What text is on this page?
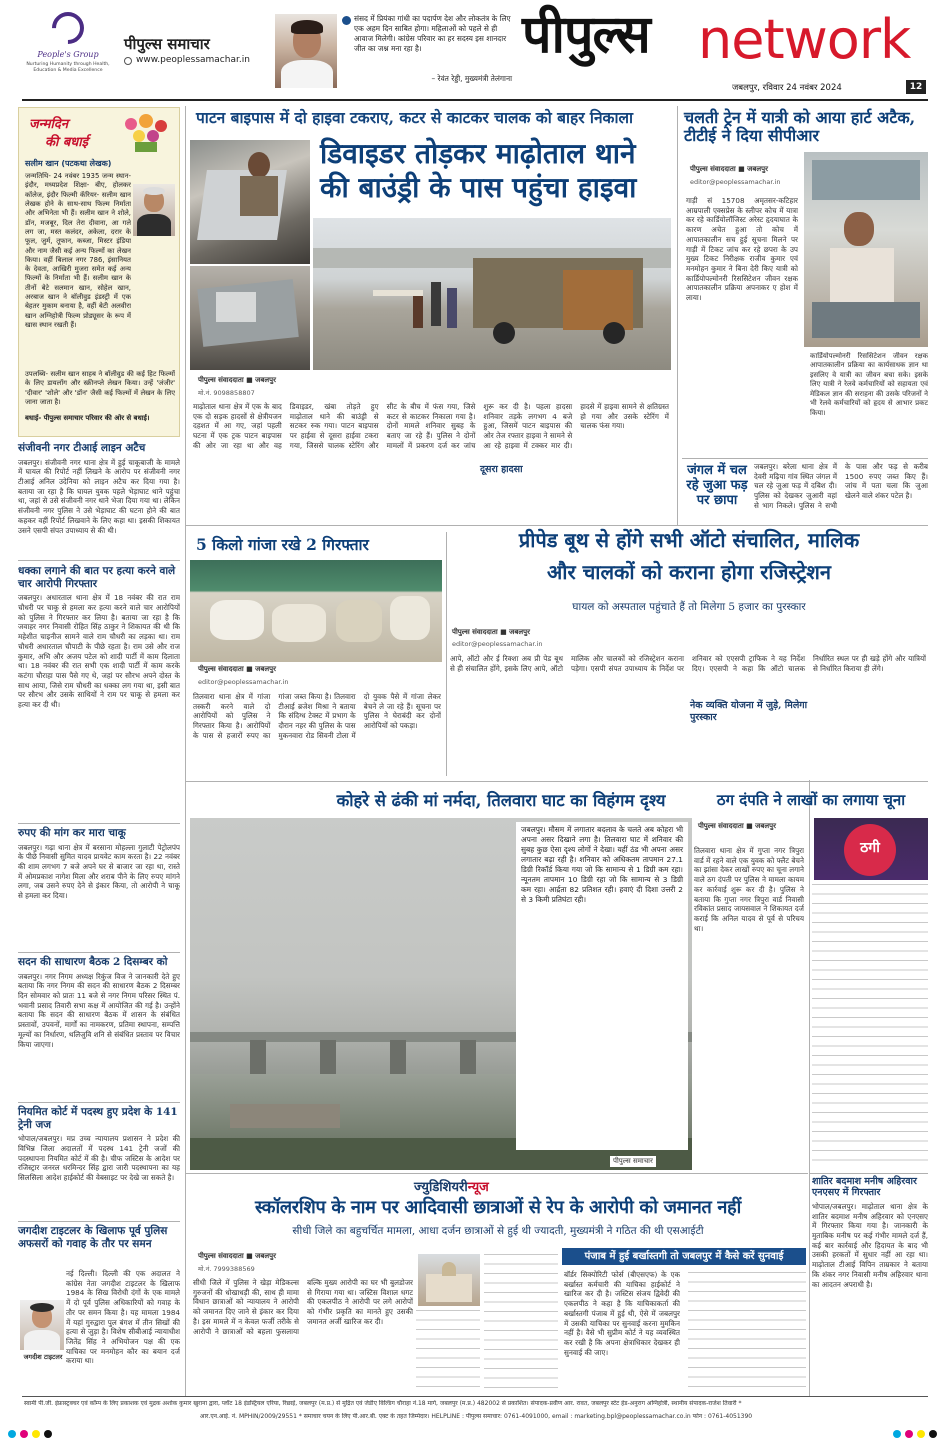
People's Group
Nurturing Humanity through Health, Education & Media Excellence
पीपुल्स समाचार
www.peoplessamachar.in
संसद में प्रियंका गांधी का पदार्पण देश और लोकतंत्र के लिए एक अहम दिन साबित होगा। महिलाओं को पहले से ही आवाज मिलेगी। कांग्रेस परिवार का हर सदस्य इस शानदार जीत का जश्न मना रहा है।
– रेवंत रेड्डी, मुख्यमंत्री तेलंगाना
पीपुल्स network
जबलपुर, रविवार 24 नवंबर 2024	12
जन्मदिन
की बधाई
सलीम खान (पटकथा लेखक)
जन्मतिथि- 24 नवंबर 1935 जन्म स्थान- इंदौर, मध्यप्रदेश शिक्षा- बीए, होलकर कॉलेज, इंदौर फिल्मी कॅरियर- सलीम खान लेखक होने के साथ-साथ फिल्म निर्माता और अभिनेता भी हैं। सलीम खान ने शोले, डॉन, मजबूर, दिल तेरा दीवाना, आ गले लग जा, मस्त कलंदर, अकेला, दरार के फूल, जुर्म, तूफान, कब्जा, मिस्टर इंडिया और नाम जैसी कई अन्य फिल्मों का लेखन किया। वहीं बिलाल नगर 786, इंसानियत के देवता, आखिरी मुजरा समेत कई अन्य फिल्मों के निर्माता भी हैं। सलीम खान के तीनों बेटे सलमान खान, सोहेल खान, अरबाज खान ने बॉलीवुड इंडस्ट्री में एक बेहतर मुकाम बनाया है, वहीं बेटी अलवीरा खान अग्निहोत्री फिल्म प्रोड्यूसर के रूप में खास स्थान रखती हैं।
उपलब्धि- सलीम खान साहब ने बॉलीवुड की कई हिट फिल्मों के लिए डायलॉग और स्क्रीनप्ले लेखन किया। उन्हें 'जंजीर' 'दीवार' 'शोले' और 'डॉन' जैसी कई फिल्मों में लेखन के लिए जाना जाता है।
बधाई- पीपुल्स समाचार परिवार की ओर से बधाई।
संजीवनी नगर टीआई लाइन अटैच
जबलपुर। संजीवनी नगर थाना क्षेत्र में हुई चाकूबाजी के मामले में घायल की रिपोर्ट नहीं लिखने के आरोप पर संजीवनी नगर टीआई अनिल उदेनिया को लाइन अटैच कर दिया गया है। बताया जा रहा है कि घायल युवक पहले भेड़ाघाट थाने पहुंचा था, जहां से उसे संजीवनी नगर थाने भेजा दिया गया था। लेकिन संजीवनी नगर पुलिस ने उसे भेड़ाघाट की घटना होने की बात कहकर वहीं रिपोर्ट लिखवाने के लिए कहा था। इसकी शिकायत उसने एसपी संपत उपाध्याय से की थी।
धक्का लगाने की बात पर हत्या करने वाले चार आरोपी गिरफ्तार
जबलपुर। अधारताल थाना क्षेत्र में 18 नवंबर की रात राम चौधरी पर चाकू से हमला कर हत्या करने वाले चार आरोपियों को पुलिस ने गिरफ्तार कर लिया है। बताया जा रहा है कि जवाहर नगर निवासी रोहित सिंह ठाकुर ने शिकायत की थी कि महेशीत चाइनीज सामने वाले राम चौधरी का लड़का था। राम चौधरी अधारताल चौपाटी के पीछे रहता है। राम उसे और राज कुमार, अभि और अजय पटेल को शादी पार्टी में काम दिलाता था। 18 नवंबर की रात सभी एक शादी पार्टी में काम करके कटंगा चौराहा पास पैसे गए थे, जहां पर सौरभ अपने दोस्त के साथ आया, जिसे राम चौधरी का धक्का लग गया था, इसी बात पर सौरभ और उसके साथियों ने राम पर चाकू से हमला कर हत्या कर दी थी।
रुपए की मांग कर मारा चाकू
जबलपुर। गढ़ा थाना क्षेत्र में बरसाना मोहल्ला गुलाटी पेट्रोलपंप के पीछे निवासी सुमित यादव प्रायवेट काम करता है। 22 नवंबर की शाम लगभग 7 बजे अपने घर से बाजार जा रहा था, रास्ते में ओमप्रकाश नागेश मिला और शराब पीने के लिए रुपए मांगने लगा, जब उसने रुपए देने से इंकार किया, तो आरोपी ने चाकू से हमला कर दिया।
सदन की साधारण बैठक 2 दिसम्बर को
जबलपुर। नगर निगम अध्यक्ष रिकुंज विज ने जानकारी देते हुए बताया कि नगर निगम की सदन की साधारण बैठक 2 दिसम्बर दिन सोमवार को प्रातः 11 बजे से नगर निगम परिसर स्थित पं. भवानी प्रसाद तिवारी सभा कक्ष में आयोजित की गई है। उन्होंने बताया कि सदन की साधारण बैठक में शासन के संबंधित प्रस्तावों, उपवनों, मार्गों का नामकरण, प्रतिमा स्थापना, सम्पत्ति मूल्यों का निर्धारण, थलिजुवि शनि से संबंधित प्रस्ताव पर विचार किया जाएगा।
नियमित कोर्ट में पदस्थ हुए प्रदेश के 141 ट्रेनी जज
भोपाल/जबलपुर। मप्र उच्च न्यायालय प्रशासन ने प्रदेश की विभिन्न जिला अदालतों में पदस्थ 141 ट्रेनी जजों की पदस्थापना नियमित कोर्ट में की है। चीफ जस्टिस के आदेश पर रजिस्ट्रार जनरल धरमिन्दर सिंह द्वारा जारी पदस्थापना का यह सिलसिला आदेश हाईकोर्ट की वेबसाइट पर देखे जा सकते है।
जगदीश टाइटलर के खिलाफ पूर्व पुलिस अफसरों को गवाह के तौर पर समन
नई दिल्ली। दिल्ली की एक अदालत ने कांग्रेस नेता जगदीश टाइटलर के खिलाफ 1984 के सिख विरोधी दंगों के एक मामले में दो पूर्व पुलिस अधिकारियों को गवाह के तौर पर समन किया है। यह मामला 1984 में यहां गुरुद्वारा पुल बंगश में तीन सिखों की हत्या से जुड़ा है। विशेष सीबीआई न्यायाधीश जितेंद्र सिंह ने अभियोजन पक्ष की एक याचिका पर मनमोहन कौर का बयान दर्ज कराया था।
पाटन बाइपास में दो हाइवा टकराए, कटर से काटकर चालक को बाहर निकाला
डिवाइडर तोड़कर माढ़ोताल थाने की बाउंड्री के पास पहुंचा हाइवा
पीपुल्स संवाददाता ■ जबलपुर
मो.नं. 9098858807
माढ़ोताल थाना क्षेत्र में एक के बाद एक दो सड़क हादसों से क्षेत्रीयजन दहशत में आ गए, जहां पहली घटना में एक ट्रक पाटन बाइपास की ओर जा रहा था और वह डिवाइडर, खंबा तोड़ते हुए माढ़ोताल थाने की बाउंड्री से सटकर रुक गया। पाटन बाइपास पर हाईवा से दूसरा हाईवा टकरा गया, जिससे चालक स्टेरिंग और सीट के बीच में फंस गया, जिसे कटर से काटकर निकाला गया है। दोनों मामले शनिवार सुबह के बताए जा रहे हैं। पुलिस ने दोनों मामलों में प्रकरण दर्ज कर जांच शुरू कर दी है। पहला हादसा शनिवार तड़के लगभग 4 बजे हुआ, जिसमें पाटन बाइपास की ओर तेज रफ्तार हाइवा ने सामने से आ रहे हाइवा में टक्कर मार दी। हादसे में हाइवा सामने से क्षतिग्रस्त हो गया और उसके स्टेरिंग में चालक फंस गया।
दूसरा हादसा
चलती ट्रेन में यात्री को आया हार्ट अटैक, टीटीई ने दिया सीपीआर
पीपुल्स संवाददाता ■ जबलपुर
editor@peoplessamachar.in
गाड़ी सं 15708 अमृतसर-कटिहार आम्रपाली एक्सप्रेस के स्लीपर कोच में यात्रा कर रहे कार्डियोलॉजिस्ट अरेस्ट हृदयाघात के कारण अचेत हुआ तो कोच में आपातकालीन सच हुई सूचना मिलने पर गाड़ी में टिकट जांच कर रहे छपरा के उप मुख्य टिकट निरीक्षक राजीव कुमार एवं मनमोहन कुमार ने बिना देरी किए यात्री को कार्डियोपल्मोनरी रिससिटेशन जीवन रक्षक आपातकालीन प्रक्रिया अपनाकर ए होश में लाया।
कार्डियोपल्मोनरी रिससिटेशन जीवन रक्षक आपातकालीन प्रक्रिया का कार्यसाधक ज्ञान था इसलिए वे यात्री का जीवन बचा सके। इसके लिए यात्री ने रेलवे कर्मचारियों को सहायता एवं मेडिकल ज्ञान की सराहना की उसके परिजनों ने भी रेलवे कर्मचारियों को हृदय से आभार प्रकट किया।
जंगल में चल रहे जुआ फड़ पर छापा
जबलपुर। बरेला थाना क्षेत्र में देवरी मढ़िया गांव स्थित जंगल में चल रहे जुआ फड़ में दबिश दी। पुलिस को देखकर जुआरी वहां से भाग निकले। पुलिस ने सभी के पास और फड़ से करीब 1500 रुपए जब्त किए हैं। जांच में पता चला कि जुआ खेलने वाले शंकर पटेल है।
5 किलो गांजा रखे 2 गिरफ्तार
पीपुल्स संवाददाता ■ जबलपुर
editor@peoplessamachar.in
तिलवारा थाना क्षेत्र में गांजा तस्करी करने वाले दो आरोपियों को पुलिस ने गिरफ्तार किया है। आरोपियों के पास से हजारों रुपए का गांजा जब्त किया है। तिलवारा टीआई ब्रजेश मिश्रा ने बताया कि संदिग्ध टेक्स्ट में प्रभाग के दौरान नहर की पुलिस के पास मुकनवारा रोड सिवनी टोला में दो युवक पैसे में गांजा लेकर बेचने ले जा रहे हैं। सूचना पर पुलिस ने घेराबंदी कर दोनों आरोपियों को पकड़ा।
प्रीपेड बूथ से होंगे सभी ऑटो संचालित, मालिक
और चालकों को कराना होगा रजिस्ट्रेशन
घायल को अस्पताल पहुंचाते हैं तो मिलेगा 5 हजार का पुरस्कार
पीपुल्स संवाददाता ■ जबलपुर
editor@peoplessamachar.in
आपे, ऑटो और ई रिक्शा अब प्री पेड बूथ से ही संचालित होंगे, इसके लिए आपे, ऑटो मालिक और चालकों को रजिस्ट्रेशन कराना पड़ेगा। एसपी संपत उपाध्याय के निर्देश पर शनिवार को एएसपी ट्राफिक ने यह निर्देश दिए। एएसपी ने कहा कि ऑटो चालक निर्धारित स्थल पर ही खड़े होंगे और यात्रियों से निर्धारित किराया ही लेंगे।
नेक व्यक्ति योजना में जुड़े, मिलेगा पुरस्कार
कोहरे से ढंकी मां नर्मदा, तिलवारा घाट का विहंगम दृश्य
जबलपुर। मौसम में लगातार बदलाव के चलते अब कोहरा भी अपना असर दिखाने लगा है। तिलवारा घाट में शनिवार की सुबह कुछ ऐसा दृश्य लोगों ने देखा। यहीं ठंड भी अपना असर लगातार बढ़ा रही है। शनिवार को अधिकतम तापमान 27.1 डिग्री रिकॉर्ड किया गया जो कि सामान्य से 1 डिग्री कम रहा। न्यूनतम तापमान 10 डिग्री रहा जो कि सामान्य से 3 डिग्री कम रहा। आर्द्रता 82 प्रतिशत रही। हवाएं दी दिशा उत्तरी 2 से 3 किमी प्रतिघंटा रही।
पीपुल्स समाचार
तिलवारा थाना क्षेत्र में गुप्ता नगर त्रिपुरा वार्ड में रहने वाले एक युवक को फ्लैट बेचने का झांसा देकर लाखों रुपए का चूना लगाने वाले ठग दंपती पर पुलिस ने मामला कायम कर कार्रवाई शुरू कर दी है। पुलिस ने बताया कि गुप्ता नगर त्रिपुरा वार्ड निवासी रविकांत प्रसाद जायसवाल ने शिकायत दर्ज कराई कि अनिल यादव से पूर्व से परिचय था।
ठग दंपति ने लाखों का लगाया चूना
पीपुल्स संवाददाता ■ जबलपुर
ठगी
शातिर बदमाश मनीष अहिरवार एनएसए में गिरफ्तार
भोपाल/जबलपुर। माढ़ोताल थाना क्षेत्र के शातिर बदमाश मनीष अहिरवार को एनएसए में गिरफ्तार किया गया है। जानकारी के मुताबिक मनीष पर कई गंभीर मामले दर्ज हैं, कई बार कार्रवाई और हिदायत के बाद भी उसकी हरकतों में सुधार नहीं आ रहा था। माढ़ोताल टीआई विपिन ताम्रकार ने बताया कि शंकर नगर निवासी मनीष अहिरवार थाना का आदतन अपराधी है।
ज्युडिशियरीन्यूज
स्कॉलरशिप के नाम पर आदिवासी छात्राओं से रेप के आरोपी को जमानत नहीं
सीधी जिले का बहुचर्चित मामला, आधा दर्जन छात्राओं से हुई थी ज्यादती, मुख्यमंत्री ने गठित की थी एसआईटी
पीपुल्स संवाददाता ■ जबलपुर
मो.नं. 7999388569
सीधी जिले में पुलिस ने खेड़ा मेडिकल्स गुरुजनों की धोखाधड़ी की, साथ ही मामा विधान छात्राओं को न्यायालय ने आरोपी को जमानत दिए जाने से इंकार कर दिया है। इस मामले में न केवल फर्जी तरीके से आरोपी ने छात्राओं को बहला फुसलाया बल्कि मुख्य आरोपी का घर भी बुलडोजर से गिराया गया था। जस्टिस विशाल धगट की एकलपीठ ने आरोपी पर लगे आरोपों को गंभीर प्रकृति का मानते हुए उसकी जमानत अर्जी खारिज कर दी।
पंजाब में हुई बर्खास्तगी तो जबलपुर में कैसे करें सुनवाई
बॉर्डर सिक्योरिटी फोर्स (बीएसएफ) के एक बर्खास्त कर्मचारी की याचिका हाईकोर्ट ने खारिज कर दी है। जस्टिस संजय द्विवेदी की एकलपीठ ने कहा है कि याचिकाकर्ता की बर्खास्तगी पंजाब में हुई थी, ऐसे में जबलपुर में उसकी याचिका पर सुनवाई करना मुमकिन नहीं है। वैसे भी सुप्रीम कोर्ट ने यह व्यवस्थित कर रखी है कि अपना क्षेत्राधिकार देखकर ही सुनवाई की जाए।
स्वामी पी.जी. इंफ्रास्ट्रक्चर एवं कॉम्प के लिए प्रकाशक एवं मुद्रक अशोक कुमार खुराना द्वारा, प्लॉट 18 इंडस्ट्रियल एरिया, रिछाई, जबलपुर (म.प्र.) से मुद्रित एवं जेडीए विल्डिंग चौराहा नं.18 मार्ग, जबलपुर (म.प्र.) 482002 से प्रकाशित। संपादक-प्रवीण आर. रावत, जबलपुर स्टेट हेड-अनुराग अग्निहोत्री, स्थानीय संपादक-राजेश तिवारी *
आर.एन.आई. नं. MPHIN/2009/29551 * समाचार चयन के लिए पी.आर.बी. एक्ट के तहत जिम्मेदार। HELPLINE : पीपुल्स समाचार: 0761-4091000, email : marketing.bpl@peoplessamachar.co.in फोन : 0761-4051390
जगदीश टाइटलर
